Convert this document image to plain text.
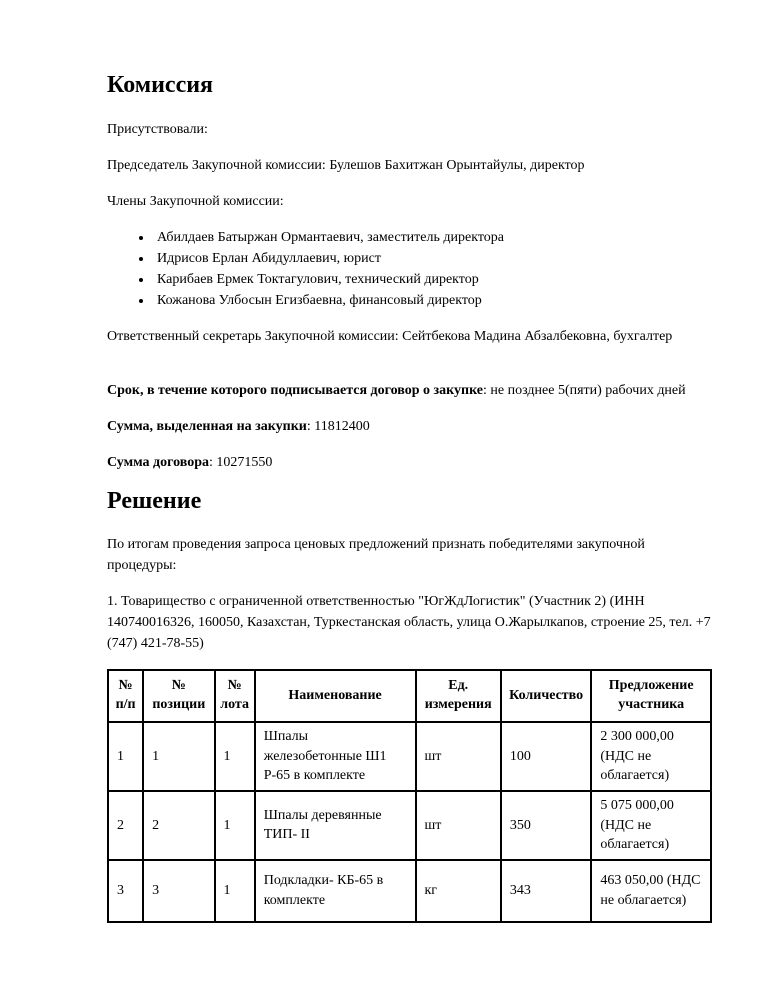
Комиссия

Присутствовали:

Председатель Закупочной комиссии: Булешов Бахитжан Орынтайулы, директор

Члены Закупочной комиссии:

• Абилдаев Батыржан Ормантаевич, заместитель директора
• Идрисов Ерлан Абидуллаевич, юрист
• Карибаев Ермек Токтагулович, технический директор
• Кожанова Улбосын Егизбаевна, финансовый директор

Ответственный секретарь Закупочной комиссии: Сейтбекова Мадина Абзалбековна, бухгалтер

Срок, в течение которого подписывается договор о закупке: не позднее 5(пяти) рабочих дней

Сумма, выделенная на закупки: 11812400

Сумма договора: 10271550

Решение

По итогам проведения запроса ценовых предложений признать победителями закупочной процедуры:

1. Товарищество с ограниченной ответственностью "ЮгЖдЛогистик" (Участник 2) (ИНН 140740016326, 160050, Казахстан, Туркестанская область, улица О.Жарылкапов, строение 25, тел. +7 (747) 421-78-55)

№ п/п	№ позиции	№ лота	Наименование	Ед. измерения	Количество	Предложение участника
1	1	1	Шпалы железобетонные Ш1 Р-65 в комплекте	шт	100	2 300 000,00 (НДС не облагается)
2	2	1	Шпалы деревянные ТИП- II	шт	350	5 075 000,00 (НДС не облагается)
3	3	1	Подкладки- КБ-65 в комплекте	кг	343	463 050,00 (НДС не облагается)
